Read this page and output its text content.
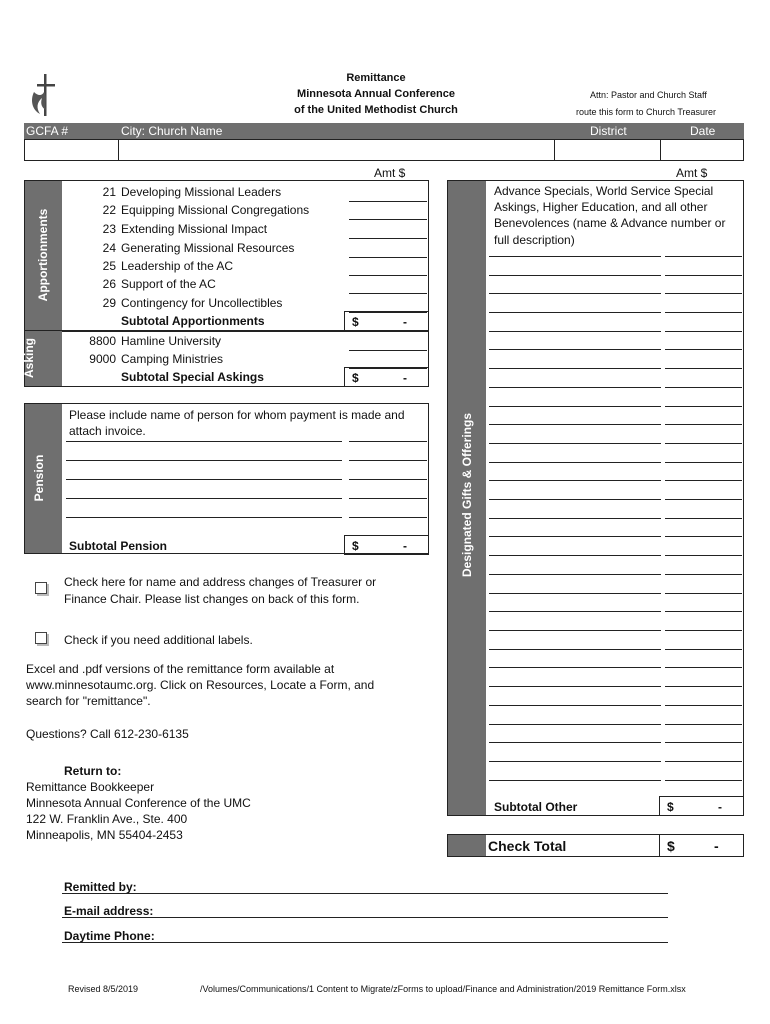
Remittance
Minnesota Annual Conference
of the United Methodist Church
Attn: Pastor and Church Staff
route this form to Church Treasurer
GCFA #	City: Church Name	District	Date
Amt $	Amt $
Apportionments
Subtotal Apportionments	$	-
Special Asking	Subtotal Special Askings	$	-
Pension
Please include name of person for whom payment is made and
attach invoice.
Subtotal Pension	$	-	Designated Gifts & Offerings
Advance Specials, World Service Special
Askings, Higher Education, and all other
Benevolences (name & Advance number or
full description)
Subtotal Other	$	-
Check Total	$	-
Check here for name and address changes of Treasurer or
Finance Chair. Please list changes on back of this form.
Check if you need additional labels.
Excel and .pdf versions of the remittance form available at
www.minnesotaumc.org. Click on Resources, Locate a Form, and
search for "remittance".
Questions? Call 612-230-6135
Return to:
Remittance Bookkeeper
Minnesota Annual Conference of the UMC
122 W. Franklin Ave., Ste. 400
Minneapolis, MN 55404-2453
Remitted by:
E-mail address:
Daytime Phone:
Revised 8/5/2019	/Volumes/Communications/1 Content to Migrate/zForms to upload/Finance and Administration/2019 Remittance Form.xlsx
21 Developing Missional Leaders
22 Equipping Missional Congregations
23 Extending Missional Impact
24 Generating Missional Resources
25 Leadership of the AC
26 Support of the AC
29 Contingency for Uncollectibles
8800 Hamline University
9000 Camping Ministries
